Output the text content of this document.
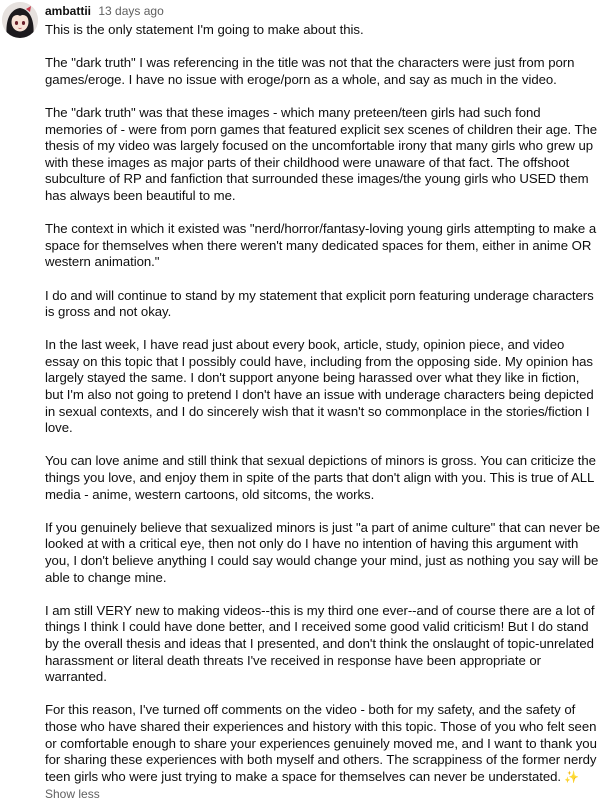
ambattii 13 days ago

This is the only statement I'm going to make about this.

The "dark truth" I was referencing in the title was not that the characters were just from porn games/eroge. I have no issue with eroge/porn as a whole, and say as much in the video.

The "dark truth" was that these images - which many preteen/teen girls had such fond memories of - were from porn games that featured explicit sex scenes of children their age. The thesis of my video was largely focused on the uncomfortable irony that many girls who grew up with these images as major parts of their childhood were unaware of that fact. The offshoot subculture of RP and fanfiction that surrounded these images/the young girls who USED them has always been beautiful to me.

The context in which it existed was "nerd/horror/fantasy-loving young girls attempting to make a space for themselves when there weren't many dedicated spaces for them, either in anime OR western animation."

I do and will continue to stand by my statement that explicit porn featuring underage characters is gross and not okay.

In the last week, I have read just about every book, article, study, opinion piece, and video essay on this topic that I possibly could have, including from the opposing side. My opinion has largely stayed the same. I don't support anyone being harassed over what they like in fiction, but I'm also not going to pretend I don't have an issue with underage characters being depicted in sexual contexts, and I do sincerely wish that it wasn't so commonplace in the stories/fiction I love.

You can love anime and still think that sexual depictions of minors is gross. You can criticize the things you love, and enjoy them in spite of the parts that don't align with you. This is true of ALL media - anime, western cartoons, old sitcoms, the works.

If you genuinely believe that sexualized minors is just "a part of anime culture" that can never be looked at with a critical eye, then not only do I have no intention of having this argument with you, I don't believe anything I could say would change your mind, just as nothing you say will be able to change mine.

I am still VERY new to making videos--this is my third one ever--and of course there are a lot of things I think I could have done better, and I received some good valid criticism! But I do stand by the overall thesis and ideas that I presented, and don't think the onslaught of topic-unrelated harassment or literal death threats I've received in response have been appropriate or warranted.

For this reason, I've turned off comments on the video - both for my safety, and the safety of those who have shared their experiences and history with this topic. Those of you who felt seen or comfortable enough to share your experiences genuinely moved me, and I want to thank you for sharing these experiences with both myself and others. The scrappiness of the former nerdy teen girls who were just trying to make a space for themselves can never be understated. ✨

Show less
